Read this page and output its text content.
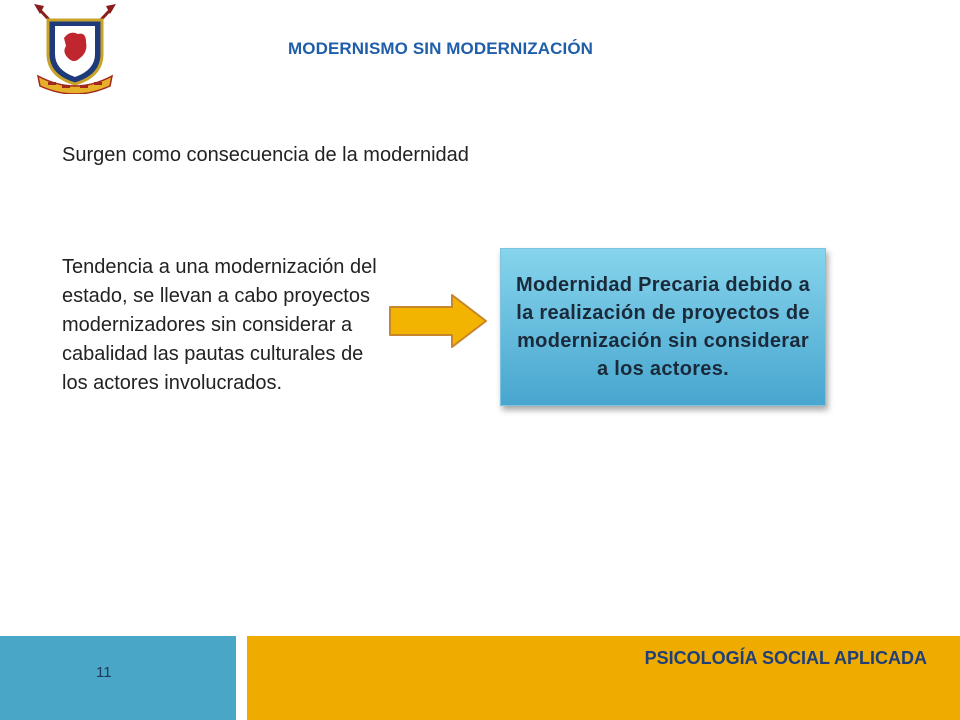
MODERNISMO SIN MODERNIZACIÓN
Surgen como consecuencia de la modernidad
Tendencia a una modernización del estado, se llevan a cabo proyectos modernizadores sin considerar a cabalidad las pautas culturales de los actores involucrados.
Modernidad Precaria debido a la realización de proyectos de modernización sin considerar a los actores.
11
PSICOLOGÍA SOCIAL APLICADA
